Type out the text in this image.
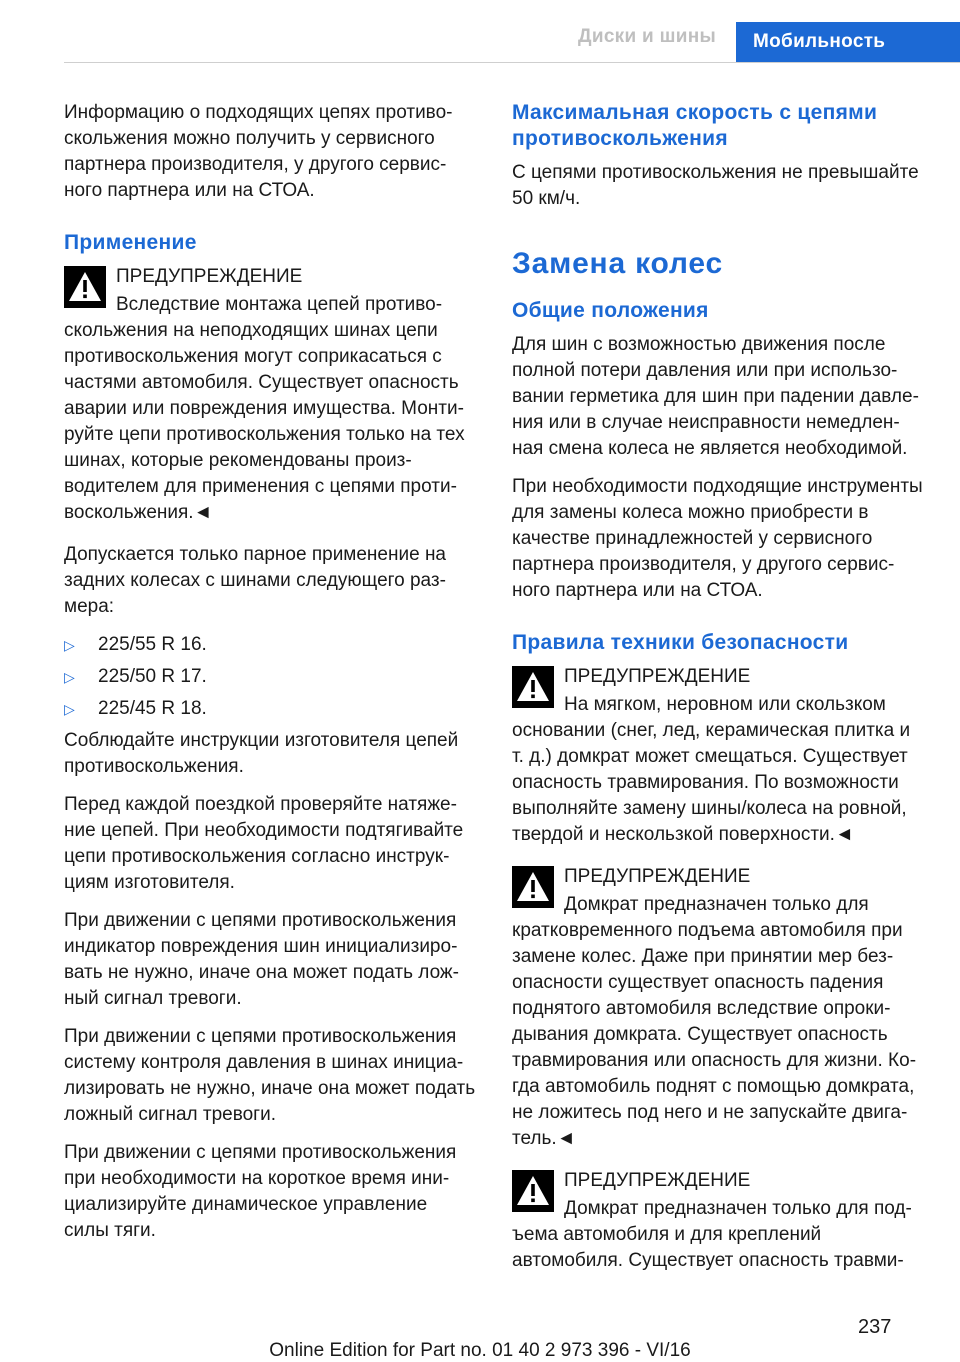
Диски и шины Мобильность

Информацию о подходящих цепях противоскольжения можно получить у сервисного партнера производителя, у другого сервисного партнера или на СТОА.

Применение
ПРЕДУПРЕЖДЕНИЕ
Вследствие монтажа цепей противоскольжения на неподходящих шинах цепи противоскольжения могут соприкасаться с частями автомобиля. Существует опасность аварии или повреждения имущества. Монтируйте цепи противоскольжения только на тех шинах, которые рекомендованы производителем для применения с цепями противоскольжения.◄

Допускается только парное применение на задних колесах с шинами следующего размера:

▷	225/55 R 16.
▷	225/50 R 17.
▷	225/45 R 18.

Соблюдайте инструкции изготовителя цепей противоскольжения.

Перед каждой поездкой проверяйте натяжение цепей. При необходимости подтягивайте цепи противоскольжения согласно инструкциям изготовителя.

При движении с цепями противоскольжения индикатор повреждения шин инициализировать не нужно, иначе она может подать ложный сигнал тревоги.

При движении с цепями противоскольжения систему контроля давления в шинах инициализировать не нужно, иначе она может подать ложный сигнал тревоги.

При движении с цепями противоскольжения при необходимости на короткое время инициализируйте динамическое управление силы тяги.

Максимальная скорость с цепями противоскольжения

С цепями противоскольжения не превышайте 50 км/ч.

Замена колес
Общие положения

Для шин с возможностью движения после полной потери давления или при использовании герметика для шин при падении давления или в случае неисправности немедленная смена колеса не является необходимой.

При необходимости подходящие инструменты для замены колеса можно приобрести в качестве принадлежностей у сервисного партнера производителя, у другого сервисного партнера или на СТОА.

Правила техники безопасности
ПРЕДУПРЕЖДЕНИЕ
На мягком, неровном или скользком основании (снег, лед, керамическая плитка и т. д.) домкрат может смещаться. Существует опасность травмирования. По возможности выполняйте замену шины/колеса на ровной, твердой и нескользкой поверхности.◄
ПРЕДУПРЕЖДЕНИЕ
Домкрат предназначен только для кратковременного подъема автомобиля при замене колес. Даже при принятии мер безопасности существует опасность падения поднятого автомобиля вследствие опрокидывания домкрата. Существует опасность травмирования или опасность для жизни. Когда автомобиль поднят с помощью домкрата, не ложитесь под него и не запускайте двигатель.◄
ПРЕДУПРЕЖДЕНИЕ
Домкрат предназначен только для подъема автомобиля и для креплений автомобиля. Существует опасность травми-
237
Online Edition for Part no. 01 40 2 973 396 - VI/16
